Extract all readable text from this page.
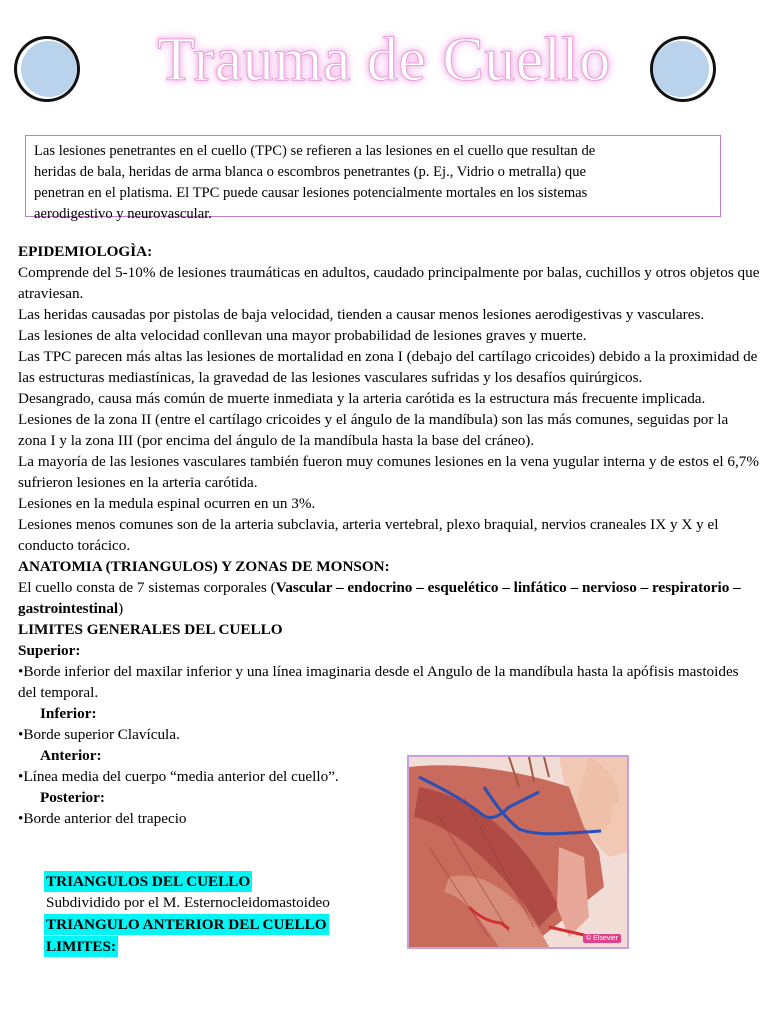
Trauma de Cuello
Las lesiones penetrantes en el cuello (TPC) se refieren a las lesiones en el cuello que resultan de
heridas de bala, heridas de arma blanca o escombros penetrantes (p. Ej., Vidrio o metralla) que
penetran en el platisma. El TPC puede causar lesiones potencialmente mortales en los sistemas
aerodigestivo y neurovascular.

EPIDEMIOLOGÌA:

Comprende del 5-10% de lesiones traumáticas en adultos, caudado principalmente por balas, cuchillos y otros objetos que atraviesan.

Las heridas causadas por pistolas de baja velocidad, tienden a causar menos lesiones aerodigestivas y vasculares.

Las lesiones de alta velocidad conllevan una mayor probabilidad de lesiones graves y muerte.

Las TPC parecen más altas las lesiones de mortalidad en zona I (debajo del cartílago cricoides) debido a la proximidad de las estructuras mediastínicas, la gravedad de las lesiones vasculares sufridas y los desafíos quirúrgicos.

Desangrado, causa más común de muerte inmediata y la arteria carótida es la estructura más frecuente implicada.

Lesiones de la zona II (entre el cartílago cricoides y el ángulo de la mandíbula) son las más comunes, seguidas por la zona I y la zona III (por encima del ángulo de la mandíbula hasta la base del cráneo).

La mayoría de las lesiones vasculares también fueron muy comunes lesiones en la vena yugular interna y de estos el 6,7% sufrieron lesiones en la arteria carótida.

Lesiones en la medula espinal ocurren en un 3%.

Lesiones menos comunes son de la arteria subclavia, arteria vertebral, plexo braquial, nervios craneales IX y X y el conducto torácico.

ANATOMIA (TRIANGULOS) Y ZONAS DE MONSON:

El cuello consta de 7 sistemas corporales (Vascular – endocrino – esquelético – linfático – nervioso – respiratorio – gastrointestinal)

LIMITES GENERALES DEL CUELLO

Superior:

•Borde inferior del maxilar inferior y una línea imaginaria desde el Angulo de la mandíbula hasta la apófisis mastoides del temporal.

Inferior:

•Borde superior Clavícula.

Anterior:

•Línea media del cuerpo “media anterior del cuello”.

Posterior:

•Borde anterior del trapecio

TRIANGULOS DEL CUELLO
Subdividido por el M. Esternocleidomastoideo
TRIANGULO ANTERIOR DEL CUELLO
LIMITES:	© Elsevier
